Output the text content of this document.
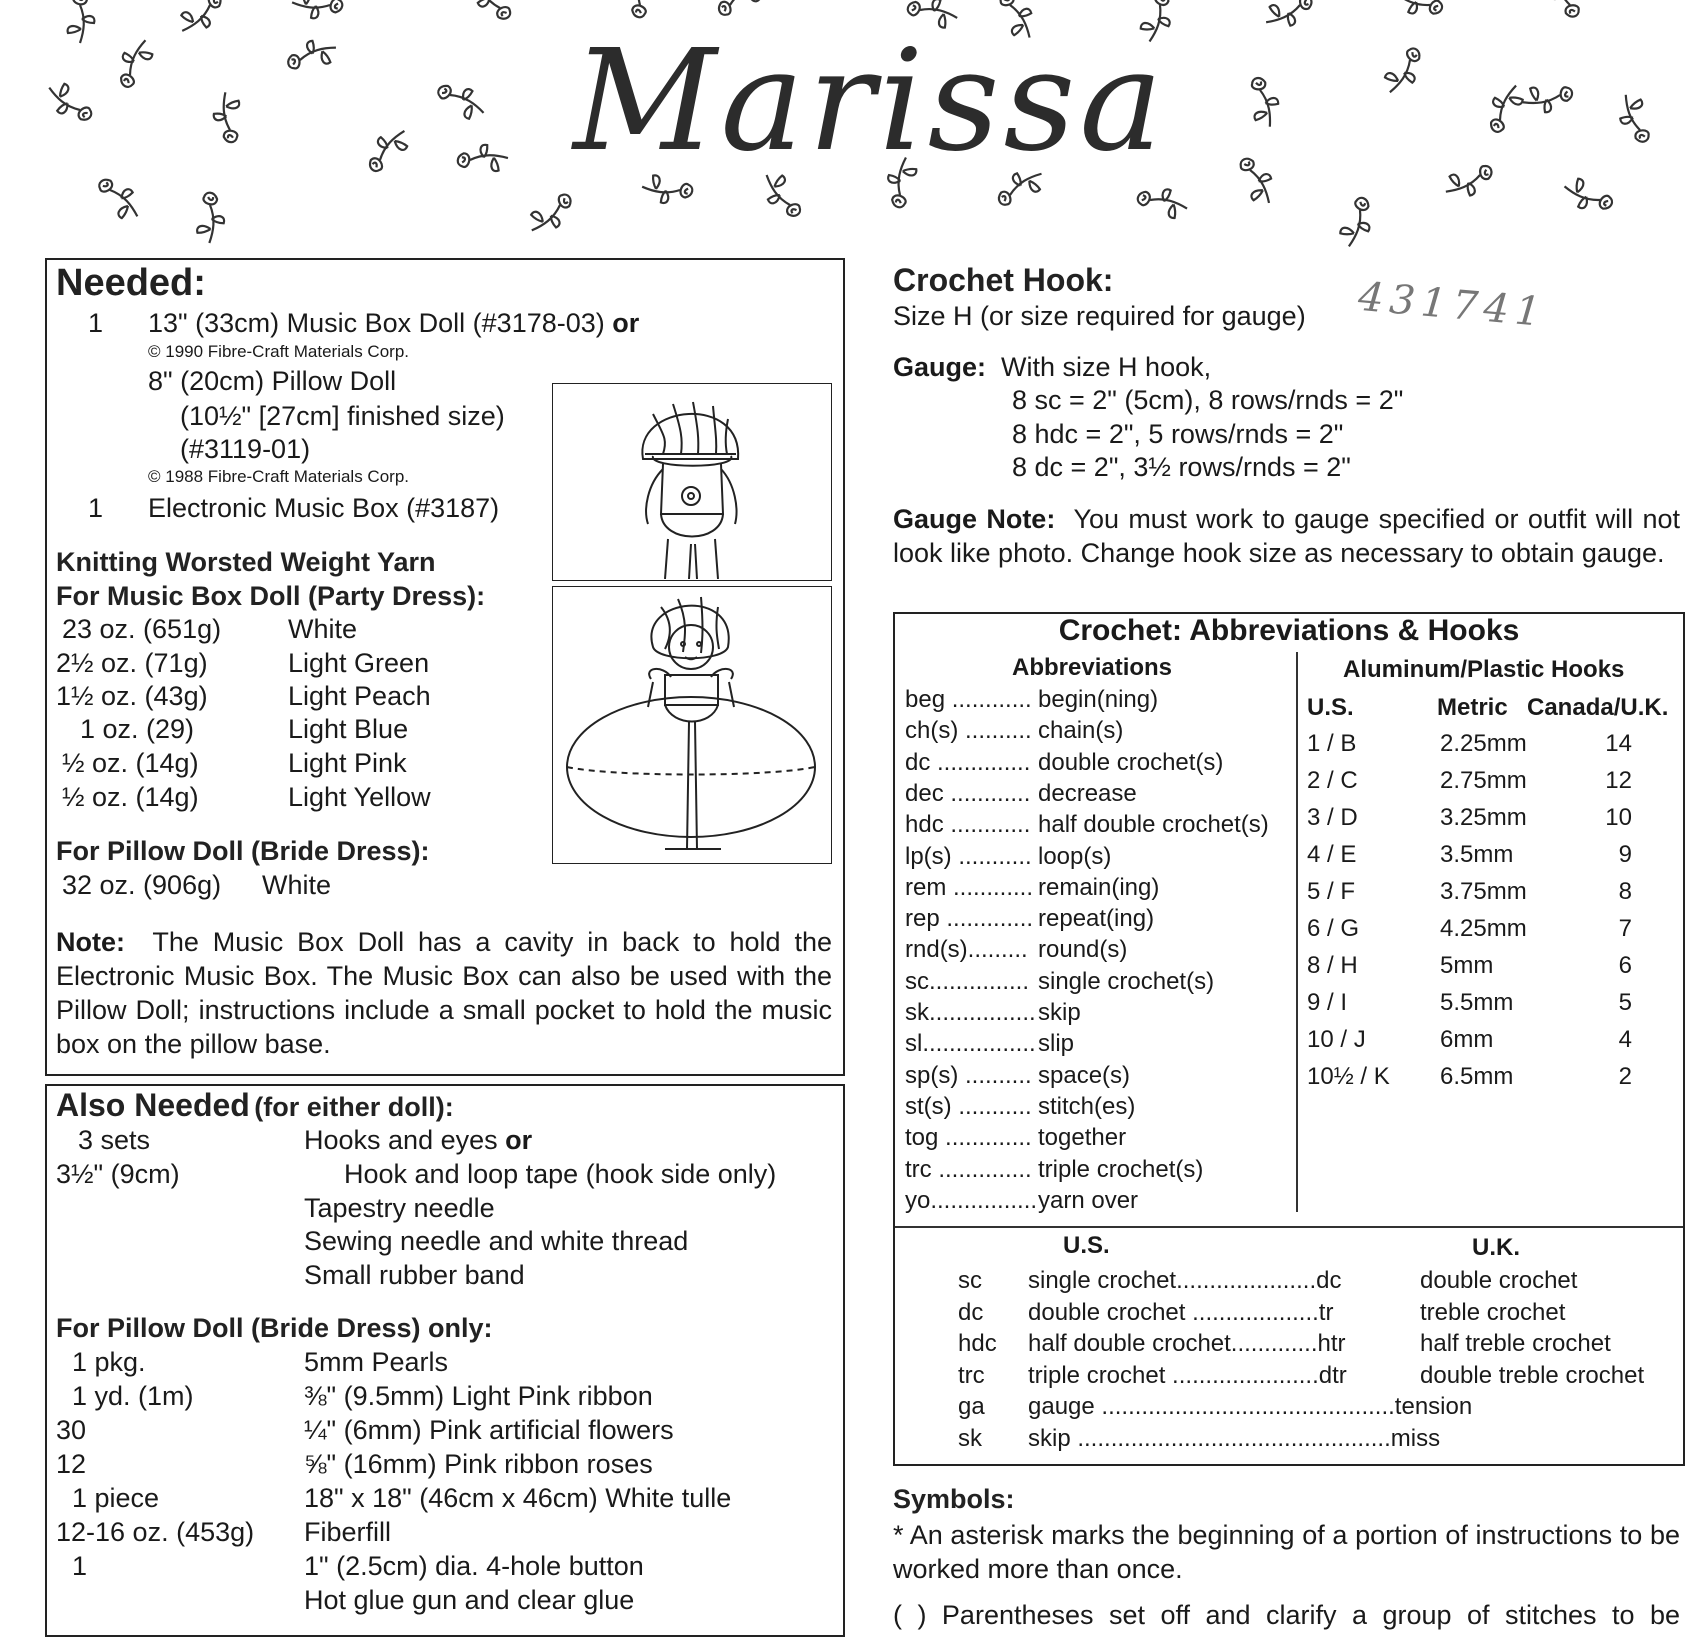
Marissa
Needed:
1 13" (33cm) Music Box Doll (#3178-03) or
© 1990 Fibre-Craft Materials Corp.
8" (20cm) Pillow Doll
(10½" [27cm] finished size)
(#3119-01)
© 1988 Fibre-Craft Materials Corp.
1 Electronic Music Box (#3187)
Knitting Worsted Weight Yarn
For Music Box Doll (Party Dress):
23 oz. (651g) White
2½ oz. (71g)	Light Green
1½ oz. (43g)	Light Peach
1 oz. (29)	Light Blue
½ oz. (14g)	Light Pink
½ oz. (14g)	Light Yellow
For Pillow Doll (Bride Dress):
32 oz. (906g) White
Note: The Music Box Doll has a cavity in back to hold the Electronic Music Box. The Music Box can also be used with the Pillow Doll; instructions include a small pocket to hold the music box on the pillow base.
Also Needed (for either doll):
3 sets	Hooks and eyes or
3½" (9cm)	Hook and loop tape (hook side only)
Tapestry needle
Sewing needle and white thread
Small rubber band
For Pillow Doll (Bride Dress) only:
1 pkg.	5mm Pearls
1 yd. (1m)	⅜" (9.5mm) Light Pink ribbon
30	¼" (6mm) Pink artificial flowers
12	⅝" (16mm) Pink ribbon roses
1 piece	18" x 18" (46cm x 46cm) White tulle
12-16 oz. (453g) Fiberfill
1	1" (2.5cm) dia. 4-hole button
Hot glue gun and clear glue
Crochet Hook:
Size H (or size required for gauge) 431741
Gauge: With size H hook,
8 sc = 2" (5cm), 8 rows/rnds = 2"
8 hdc = 2", 5 rows/rnds = 2"
8 dc = 2", 3½ rows/rnds = 2"
Gauge Note: You must work to gauge specified or outfit will not look like photo. Change hook size as necessary to obtain gauge.
Crochet: Abbreviations & Hooks
Abbreviations	Aluminum/Plastic Hooks
beg ............ begin(ning)
ch(s) .......... chain(s)
dc .............. double crochet(s)
dec ............ decrease
hdc ............ half double crochet(s)
lp(s) ........... loop(s)
rem ............ remain(ing)
rep ............. repeat(ing)
rnd(s)......... round(s)
sc............... single crochet(s)
sk................ skip
sl................. slip
sp(s) .......... space(s)
st(s) ........... stitch(es)
tog ............. together
trc .............. triple crochet(s)
yo................ yarn over
U.S.	Metric Canada/U.K.
1 / B	2.25mm	14
2 / C	2.75mm	12
3 / D	3.25mm	10
4 / E	3.5mm	9
5 / F	3.75mm	8
6 / G	4.25mm	7
8 / H	5mm	6
9 / I	5.5mm	5
10 / J	6mm	4
10½ / K 6.5mm	2
U.S.	U.K.
sc single crochet.....................dc	double crochet
dc double crochet ...................tr	treble crochet
hdc half double crochet.............htr	half treble crochet
trc triple crochet ......................dtr	double treble crochet
ga gauge ............................................tension
sk skip ...............................................miss
Symbols:
* An asterisk marks the beginning of a portion of instructions to be worked more than once.
( ) Parentheses set off and clarify a group of stitches to be
